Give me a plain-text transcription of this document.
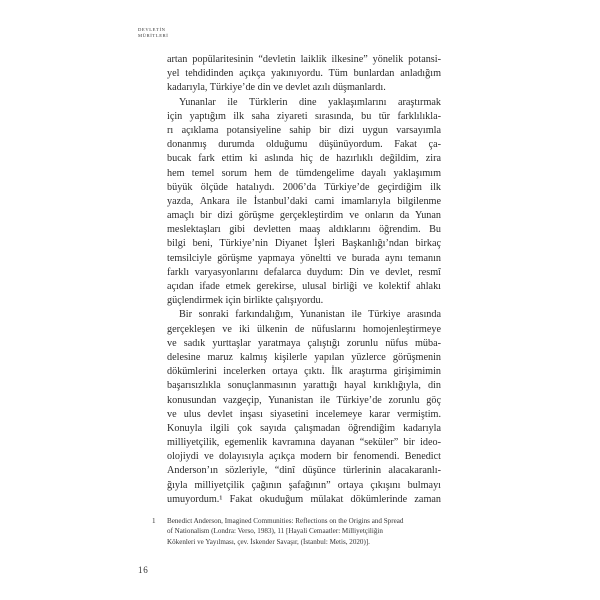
DEVLETİN
MÜRİTLERİ
artan popülaritesinin “devletin laiklik ilkesine” yönelik potansi-
yel tehdidinden açıkça yakınıyordu. Tüm bunlardan anladığım
kadarıyla, Türkiye’de din ve devlet azılı düşmanlardı.
Yunanlar ile Türklerin dine yaklaşımlarını araştırmak
için yaptığım ilk saha ziyareti sırasında, bu tür farklılıkla-
rı açıklama potansiyeline sahip bir dizi uygun varsayımla
donanmış durumda olduğumu düşünüyordum. Fakat ça-
bucak fark ettim ki aslında hiç de hazırlıklı değildim, zira
hem temel sorum hem de tümdengelime dayalı yaklaşımım
büyük ölçüde hatalıydı. 2006’da Türkiye’de geçirdiğim ilk
yazda, Ankara ile İstanbul’daki cami imamlarıyla bilgilenme
amaçlı bir dizi görüşme gerçekleştirdim ve onların da Yunan
meslektaşları gibi devletten maaş aldıklarını öğrendim. Bu
bilgi beni, Türkiye’nin Diyanet İşleri Başkanlığı’ndan birkaç
temsilciyle görüşme yapmaya yöneltti ve burada aynı temanın
farklı varyasyonlarını defalarca duydum: Din ve devlet, resmî
açıdan ifade etmek gerekirse, ulusal birliği ve kolektif ahlakı
güçlendirmek için birlikte çalışıyordu.
Bir sonraki farkındalığım, Yunanistan ile Türkiye arasında
gerçekleşen ve iki ülkenin de nüfuslarını homojenleştirmeye
ve sadık yurttaşlar yaratmaya çalıştığı zorunlu nüfus müba-
delesine maruz kalmış kişilerle yapılan yüzlerce görüşmenin
dökümlerini incelerken ortaya çıktı. İlk araştırma girişimimin
başarısızlıkla sonuçlanmasının yarattığı hayal kırıklığıyla, din
konusundan vazgeçip, Yunanistan ile Türkiye’de zorunlu göç
ve ulus devlet inşası siyasetini incelemeye karar vermiştim.
Konuyla ilgili çok sayıda çalışmadan öğrendiğim kadarıyla
milliyetçilik, egemenlik kavramına dayanan “seküler” bir ideo-
olojiydi ve dolayısıyla açıkça modern bir fenomendi. Benedict
Anderson’ın sözleriyle, “dinî düşünce türlerinin alacakaranlı-
ğıyla milliyetçilik çağının şafağının” ortaya çıkışını bulmayı
umuyordum.¹ Fakat okuduğum mülakat dökümlerinde zaman
1 Benedict Anderson, Imagined Communities: Reflections on the Origins and Spread
of Nationalism (Londra: Verso, 1983), 11 [Hayali Cemaatler: Milliyetçiliğin
Kökenleri ve Yayılması, çev. İskender Savaşır, (İstanbul: Metis, 2020)].
16
